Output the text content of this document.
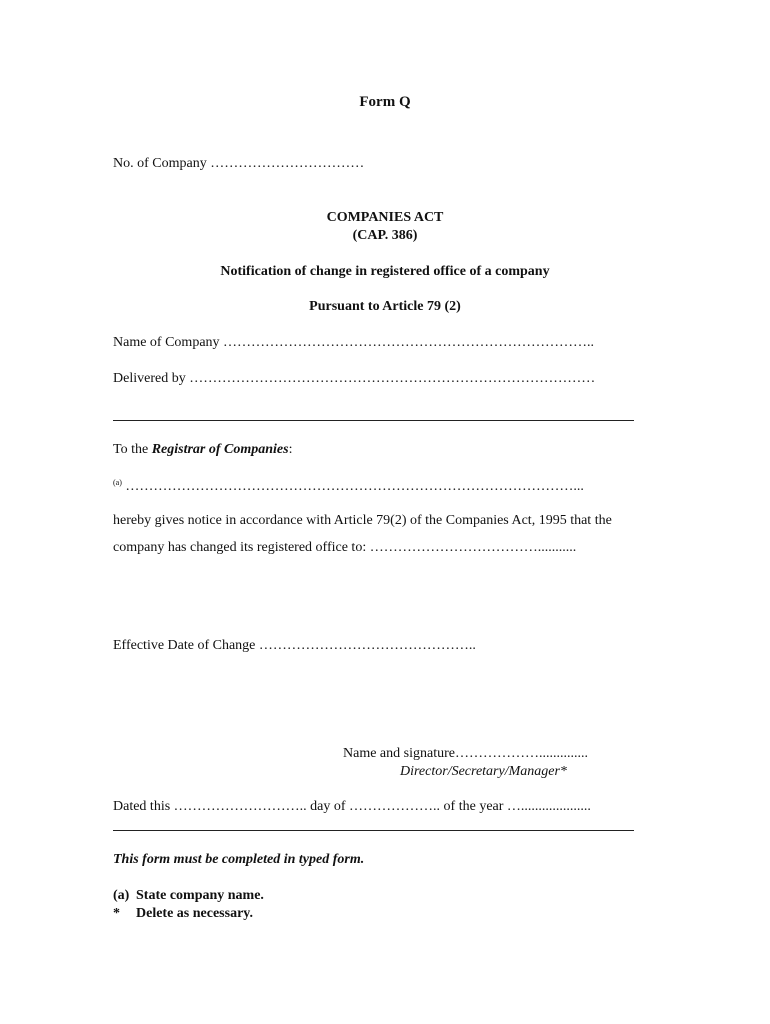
Form Q
No. of Company ……………………………
COMPANIES ACT
(CAP. 386)
Notification of change in registered office of a company
Pursuant to Article 79 (2)
Name of Company ……………………………………………………………………..
Delivered by ……………………………………………………………………………
To the Registrar of Companies:
$^{(a)}$ ……………………………………………………………………………………...
hereby gives notice in accordance with Article 79(2) of the Companies Act, 1995 that the
company has changed its registered office to: ………………………………...........
Effective Date of Change ………………………………………..
Name and signature………………..............
Director/Secretary/Manager*
Dated this ……………………….. day of ……………….. of the year …....................
This form must be completed in typed form.
(a) State company name.
* Delete as necessary.
